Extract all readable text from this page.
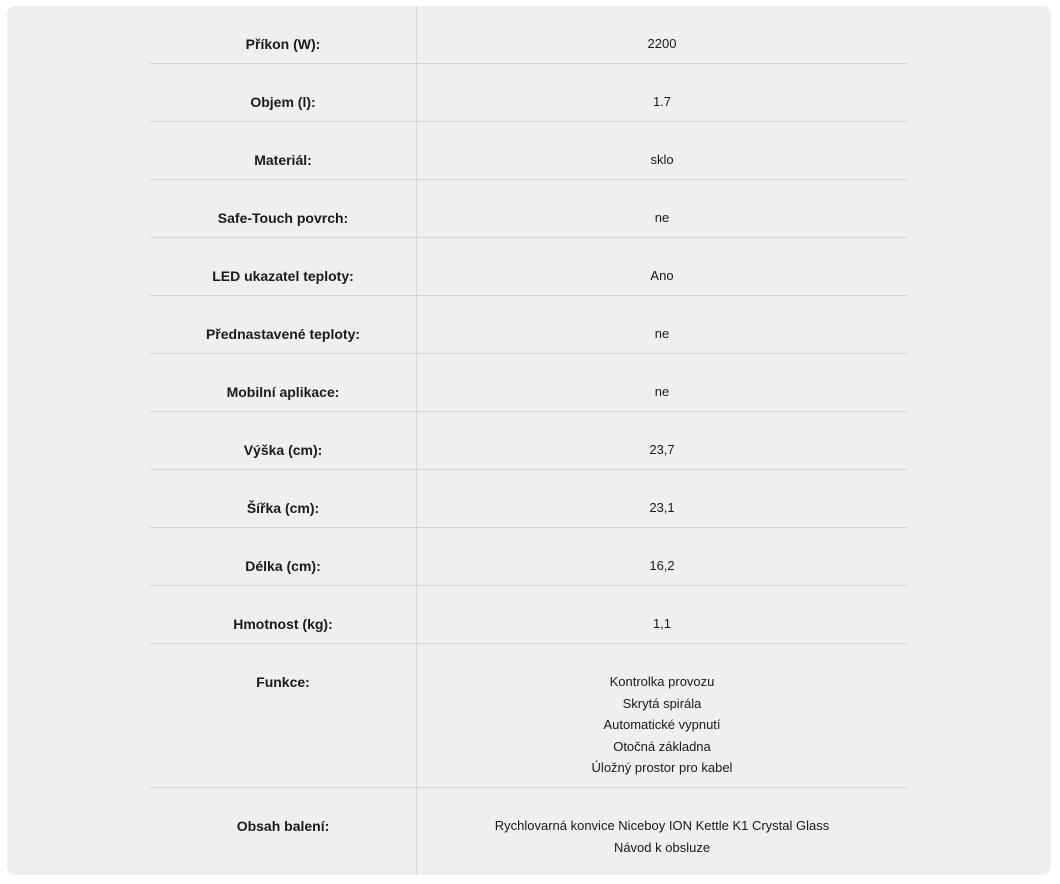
Příkon (W):	2200
Objem (l):	1.7
Materiál:	sklo
Safe-Touch povrch:	ne
LED ukazatel teploty:	Ano
Přednastavené teploty:	ne
Mobilní aplikace:	ne
Výška (cm):	23,7
Šířka (cm):	23,1
Délka (cm):	16,2
Hmotnost (kg):	1,1
Funkce:	Kontrolka provozu
Skrytá spirála
Automatické vypnutí
Otočná základna
Úložný prostor pro kabel
Obsah balení:	Rychlovarná konvice Niceboy ION Kettle K1 Crystal Glass
Návod k obsluze
